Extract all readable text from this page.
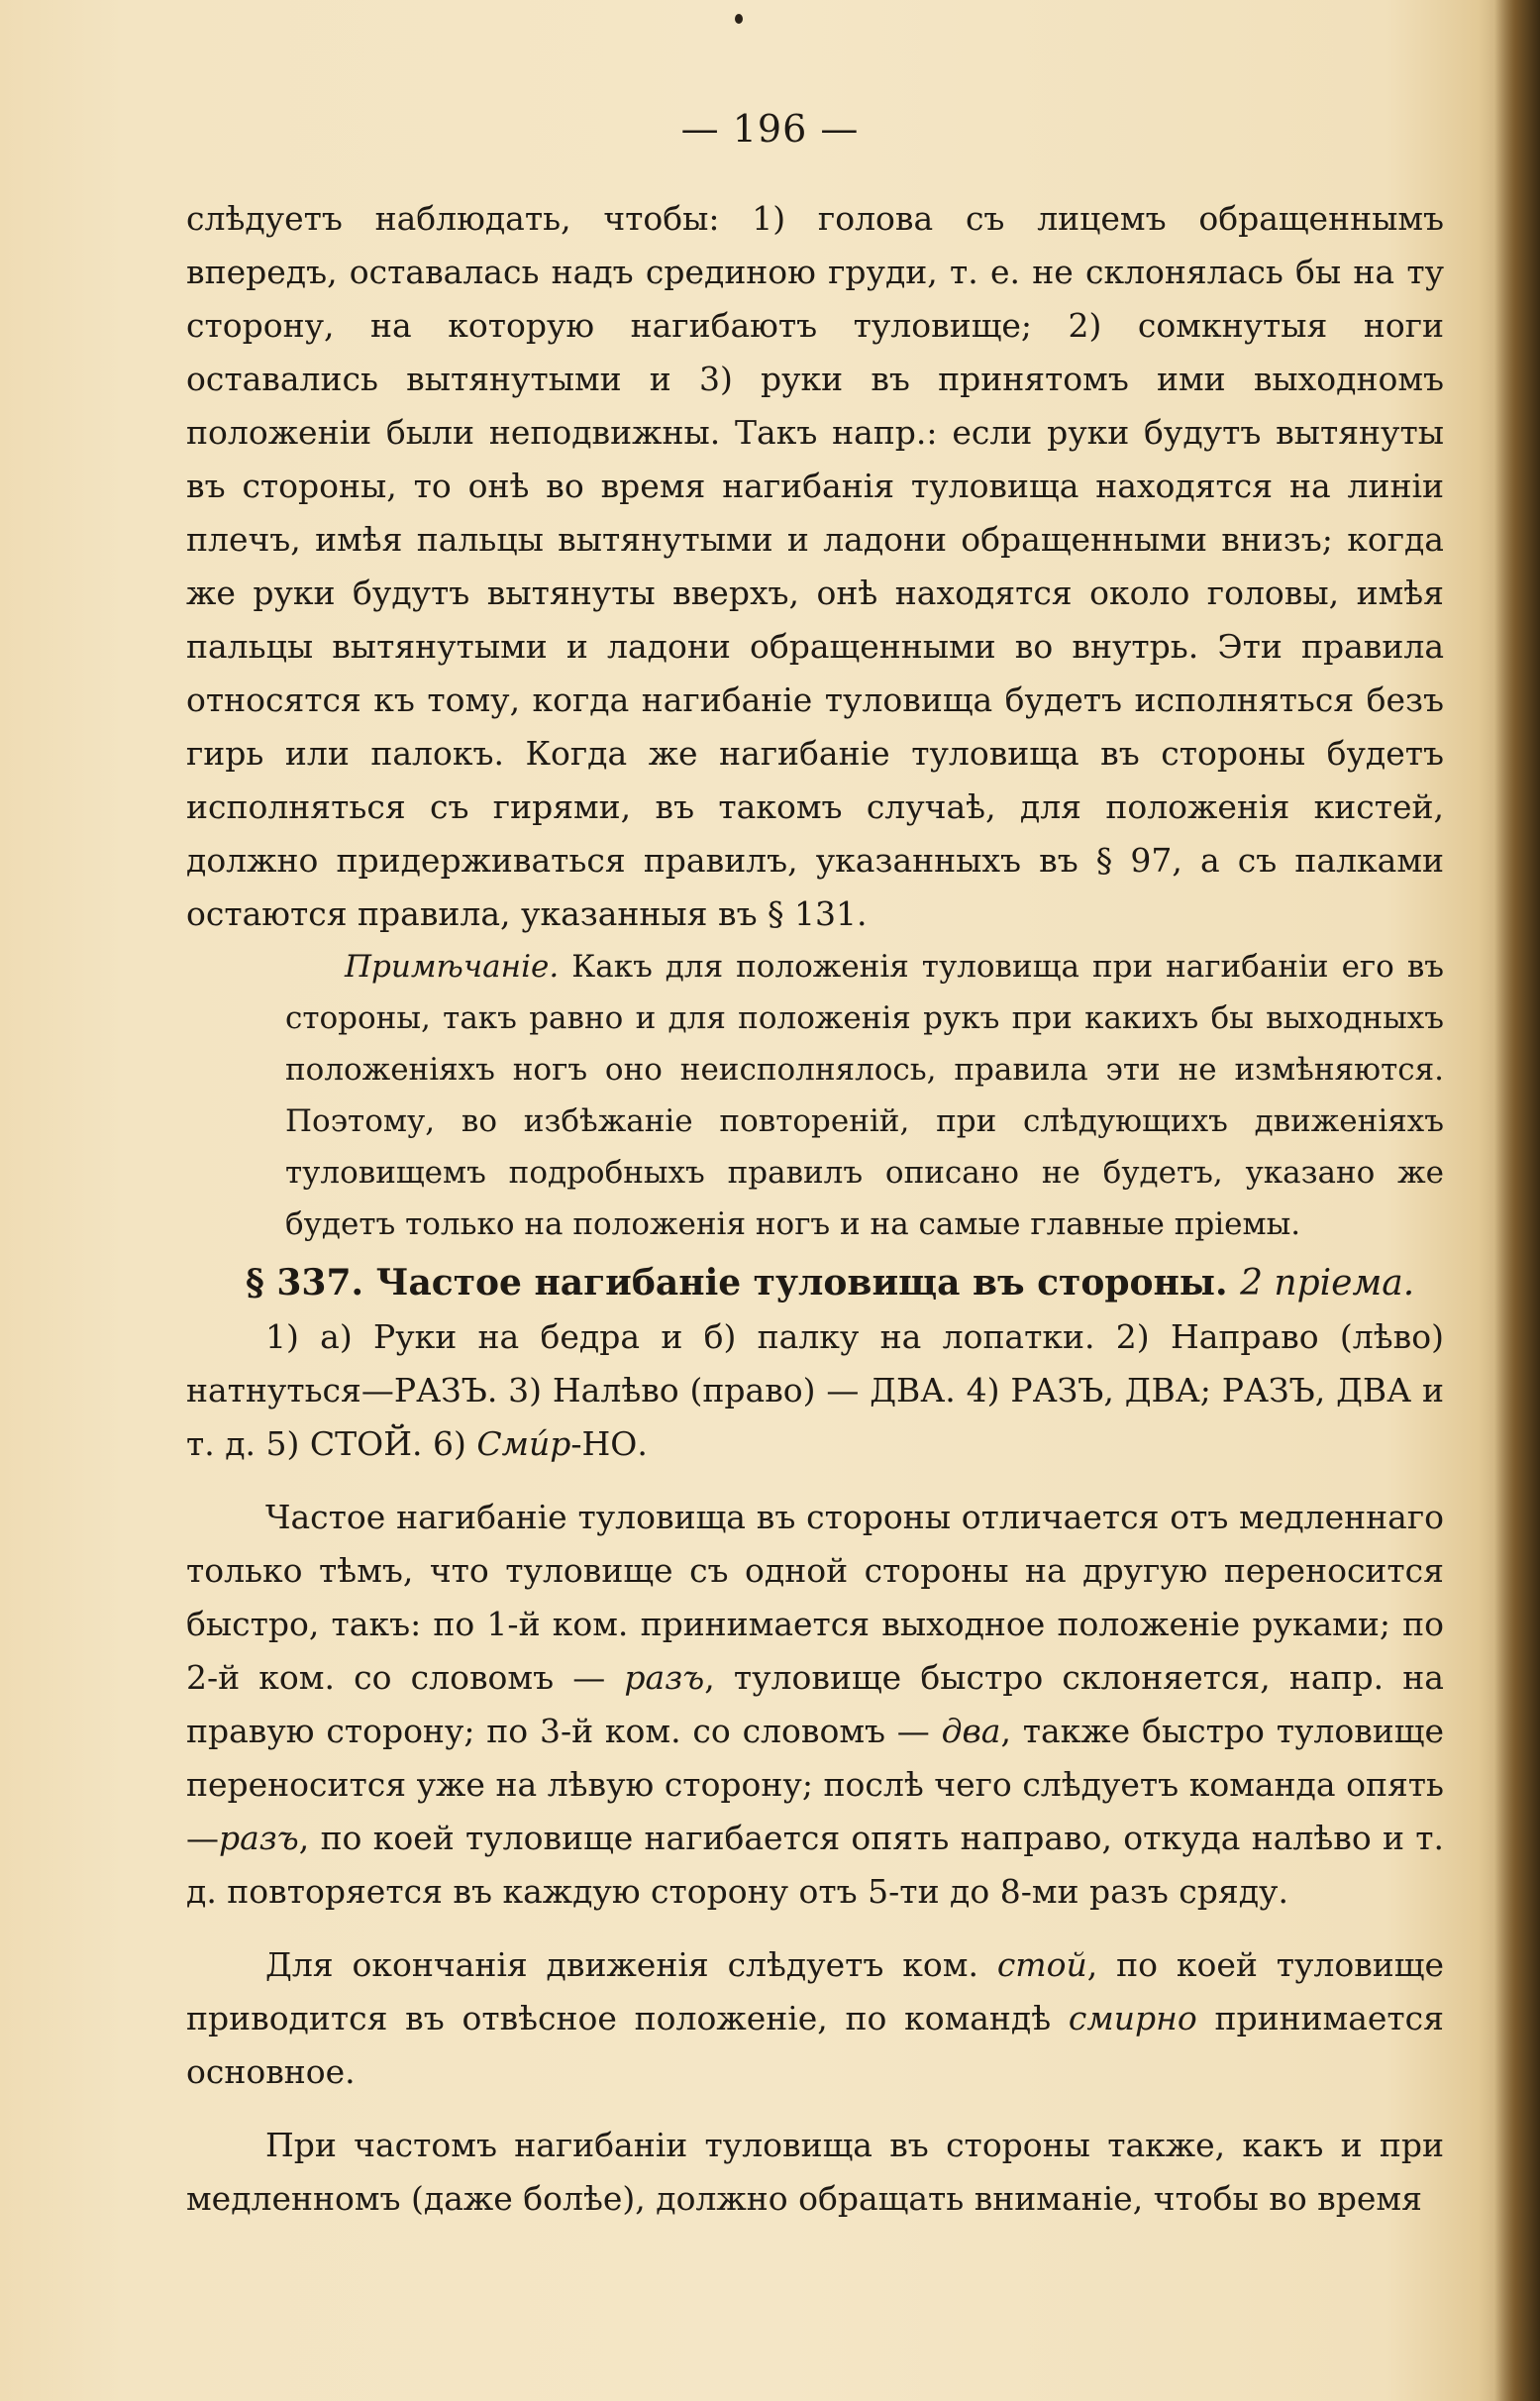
— 196 —

слѣдуетъ наблюдать, чтобы: 1) голова съ лицемъ обращеннымъ впередъ, оставалась надъ срединою груди, т. е. не склонялась бы на ту сторону, на которую нагибаютъ туловище; 2) сомкнутыя ноги оставались вытянутыми и 3) руки въ принятомъ ими выходномъ положеніи были неподвижны. Такъ напр.: если руки будутъ вытянуты въ стороны, то онѣ во время нагибанія туловища находятся на линіи плечъ, имѣя пальцы вытянутыми и ладони обращенными внизъ; когда же руки будутъ вытянуты вверхъ, онѣ находятся около головы, имѣя пальцы вытянутыми и ладони обращенными во внутрь. Эти правила относятся къ тому, когда нагибаніе туловища будетъ исполняться безъ гирь или палокъ. Когда же нагибаніе туловища въ стороны будетъ исполняться съ гирями, въ такомъ случаѣ, для положенія кистей, должно придерживаться правилъ, указанныхъ въ § 97, а съ палками остаются правила, указанныя въ § 131.

Примѣчаніе. Какъ для положенія туловища при нагибаніи его въ стороны, такъ равно и для положенія рукъ при какихъ бы выходныхъ положеніяхъ ногъ оно неисполнялось, правила эти не измѣняются. Поэтому, во избѣжаніе повтореній, при слѣдующихъ движеніяхъ туловищемъ подробныхъ правилъ описано не будетъ, указано же будетъ только на положенія ногъ и на самые главные пріемы.

§ 337. Частое нагибаніе туловища въ стороны. 2 пріема.

1) а) Руки на бедра и б) палку на лопатки. 2) Направо (лѣво) натнуться—РАЗЪ. 3) Налѣво (право) — ДВА. 4) РАЗЪ, ДВА; РАЗЪ, ДВА и т. д. 5) СТОЙ. 6) Смúр-НО.

Частое нагибаніе туловища въ стороны отличается отъ медленнаго только тѣмъ, что туловище съ одной стороны на другую переносится быстро, такъ: по 1-й ком. принимается выходное положеніе руками; по 2-й ком. со словомъ — разъ, туловище быстро склоняется, напр. на правую сторону; по 3-й ком. со словомъ — два, также быстро туловище переносится уже на лѣвую сторону; послѣ чего слѣдуетъ команда опять—разъ, по коей туловище нагибается опять направо, откуда налѣво и т. д. повторяется въ каждую сторону отъ 5-ти до 8-ми разъ сряду.

Для окончанія движенія слѣдуетъ ком. стой, по коей туловище приводится въ отвѣсное положеніе, по командѣ смирно принимается основное.

При частомъ нагибаніи туловища въ стороны также, какъ и при медленномъ (даже болѣе), должно обращать вниманіе, чтобы во время
